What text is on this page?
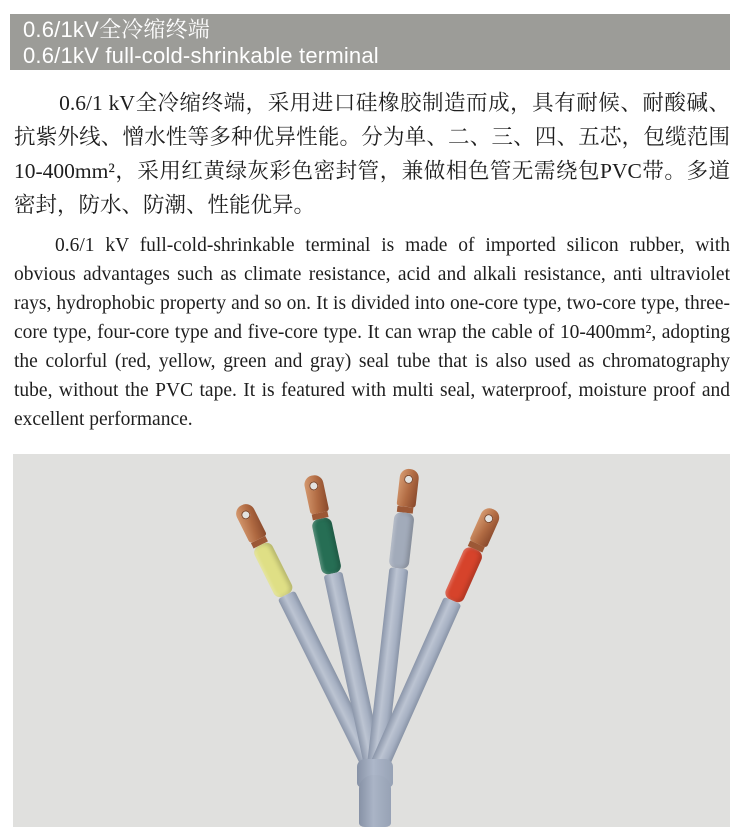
0.6/1kV全冷缩终端
0.6/1kV full-cold-shrinkable terminal

0.6/1 kV全冷缩终端，采用进口硅橡胶制造而成，具有耐候、耐酸碱、抗紫外线、憎水性等多种优异性能。分为单、二、三、四、五芯，包缆范围10-400mm²，采用红黄绿灰彩色密封管，兼做相色管无需绕包PVC带。多道密封，防水、防潮、性能优异。

0.6/1 kV full-cold-shrinkable terminal is made of imported silicon rubber, with obvious advantages such as climate resistance, acid and alkali resistance, anti ultraviolet rays, hydrophobic property and so on. It is divided into one-core type, two-core type, three-core type, four-core type and five-core type. It can wrap the cable of 10-400mm², adopting the colorful (red, yellow, green and gray) seal tube that is also used as chromatography tube, without the PVC tape. It is featured with multi seal, waterproof, moisture proof and excellent performance.
